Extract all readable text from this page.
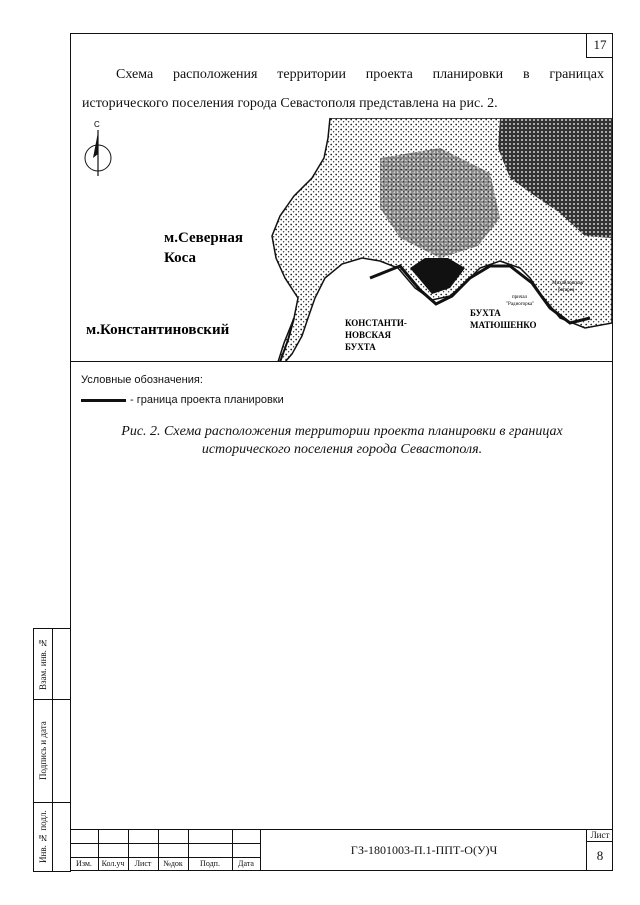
17
Схема расположения территории проекта планировки в границах
исторического поселения города Севастополя представлена на рис. 2.
С
м.Северная
Коса
м.Константиновский	КОНСТАНТИ-
НОВСКАЯ
БУХТА
БУХТА
МАТЮШЕНКО
причал
"Радиогорка"
Михайловская
батарея
Условные обозначения:
- граница проекта планировки
Рис. 2. Схема расположения территории проекта планировки в границах
исторического поселения города Севастополя.
Взам. инв. №
Подпись и дата
Инв. № подл.
Изм.	Кол.уч	Лист	№док	Подп.	Дата
ГЗ-1801003-П.1-ППТ-О(У)Ч
Лист
8
